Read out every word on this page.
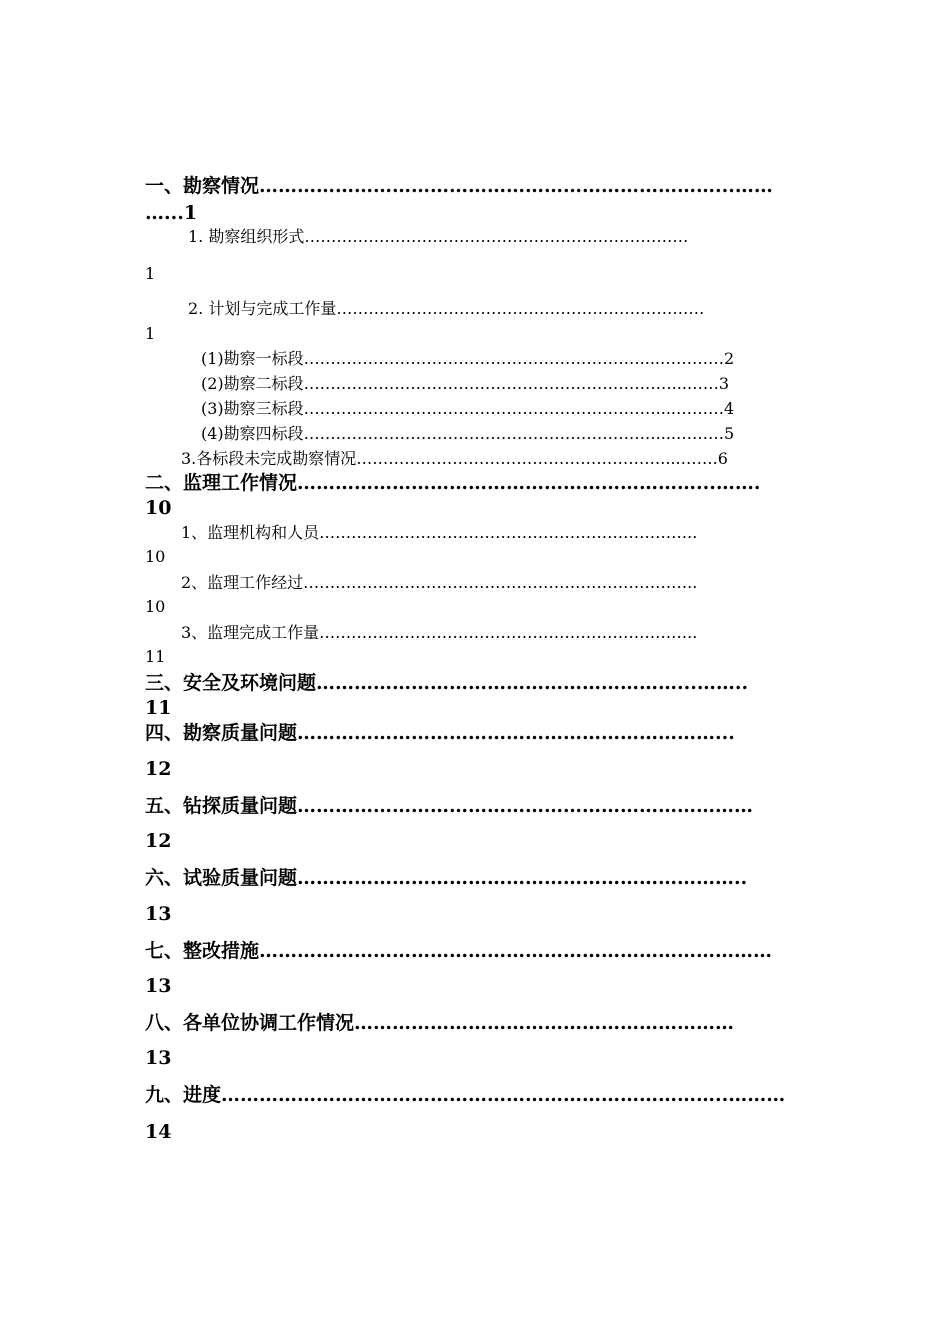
一、勘察情况………………………………………………………………...……
…...1
1. 勘察组织形式………………………………………………………………
1
2. 计划与完成工作量……………………………………………………………
1
(1)勘察一标段………………………………………………………....…………2
(2)勘察二标段……………………………………………………………...……3
(3)勘察三标段…………………………………………………………....………4
(4)勘察四标段…………………………………………………………....………5
3.各标段未完成勘察情况…………………………………………………....…….6
二、监理工作情况………………………………………………………...…….
10
1、监理机构和人员……………………………………………………………..
10
2、监理工作经过………………………………………………………………..
10
3、监理完成工作量……………………………………………………………..
11
三、安全及环境问题…………………………………………………...……..
11
四、勘察质量问题…………………………………………………………...
12
五、钻探质量问题………………………………………………………………
12
六、试验质量问题……………………………………………………………..
13
七、整改措施………………………………………………………………………
13
八、各单位协调工作情况……………………………………………………
13
九、进度……………………………………………………………………..………
14
